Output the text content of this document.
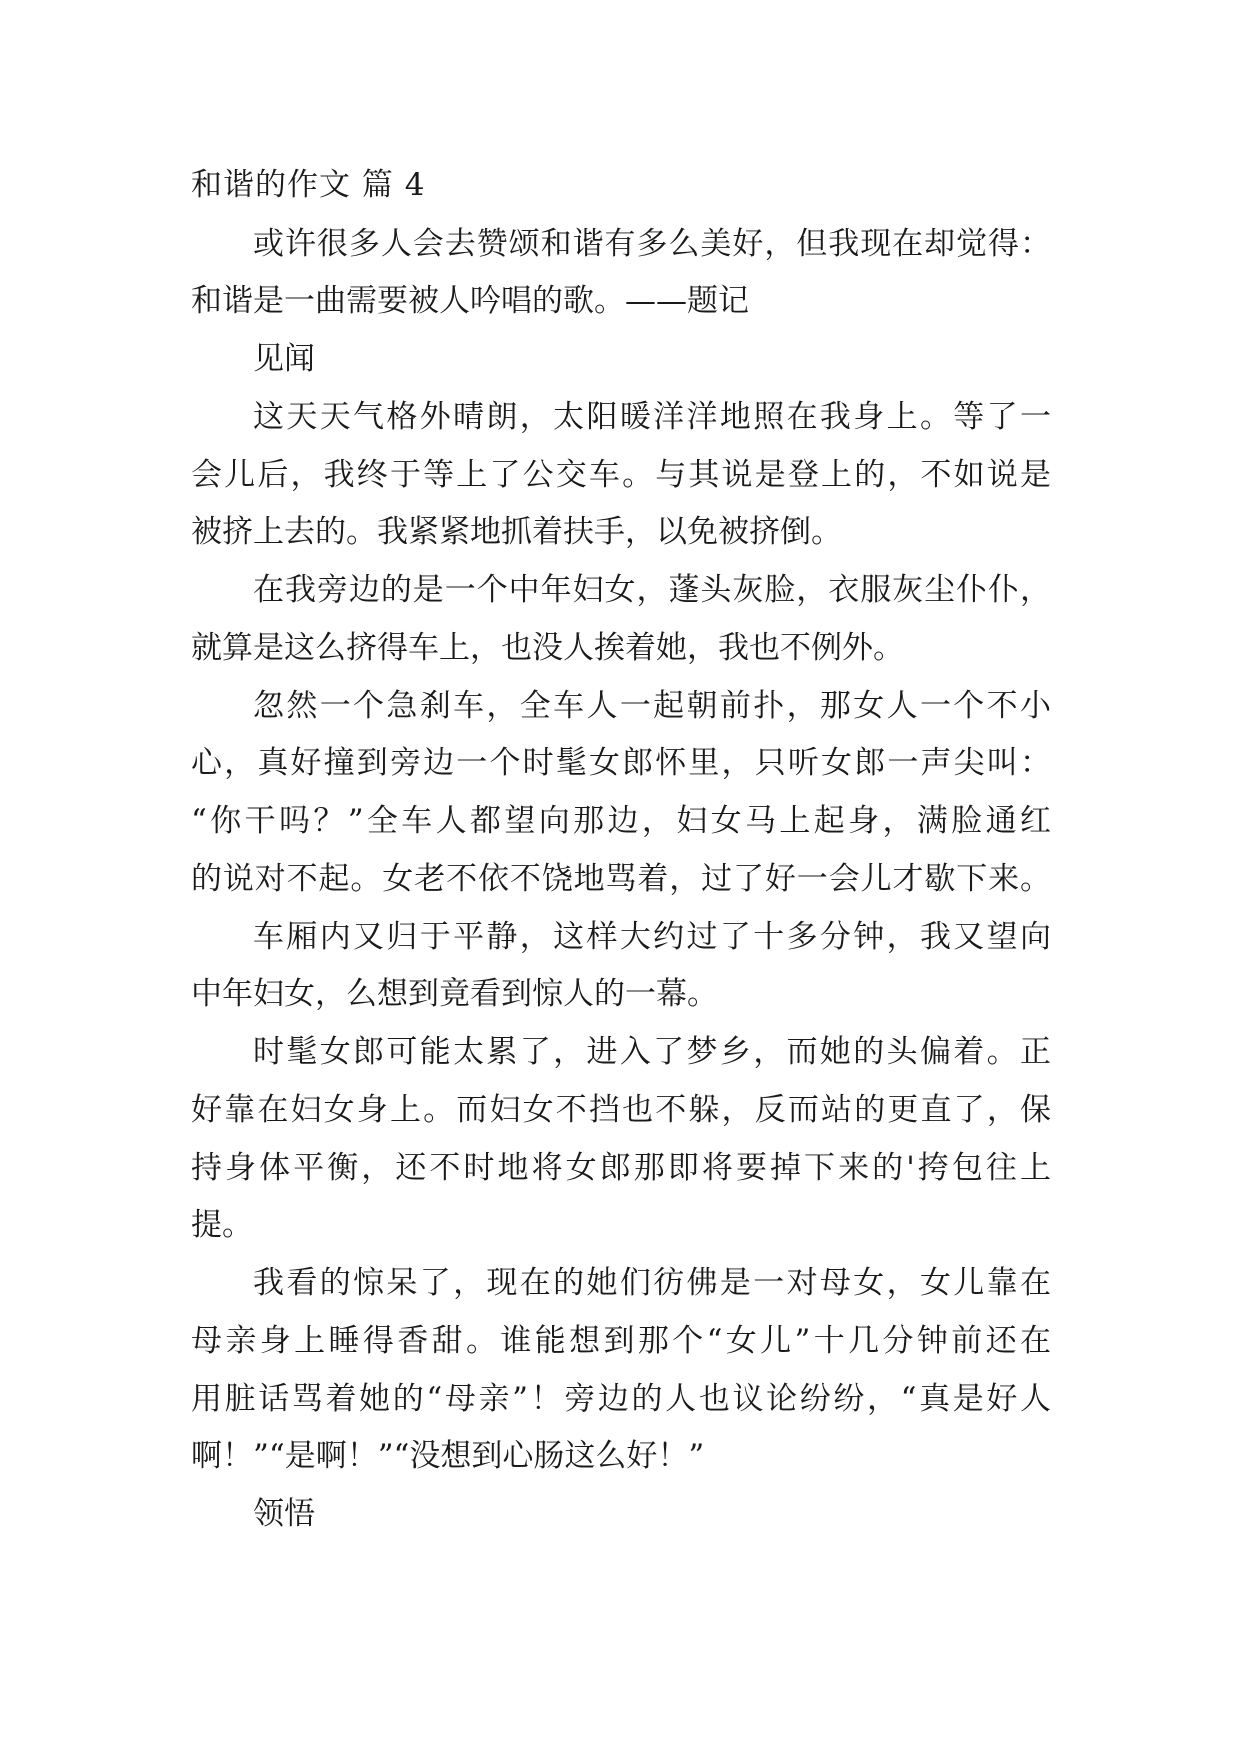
和谐的作文 篇 4

或许很多人会去赞颂和谐有多么美好，但我现在却觉得：

和谐是一曲需要被人吟唱的歌。——题记

见闻

这天天气格外晴朗，太阳暖洋洋地照在我身上。等了一

会儿后，我终于等上了公交车。与其说是登上的，不如说是

被挤上去的。我紧紧地抓着扶手，以免被挤倒。

在我旁边的是一个中年妇女，蓬头灰脸，衣服灰尘仆仆，

就算是这么挤得车上，也没人挨着她，我也不例外。

忽然一个急刹车，全车人一起朝前扑，那女人一个不小

心，真好撞到旁边一个时髦女郎怀里，只听女郎一声尖叫：

“你干吗？”全车人都望向那边，妇女马上起身，满脸通红

的说对不起。女老不依不饶地骂着，过了好一会儿才歇下来。

车厢内又归于平静，这样大约过了十多分钟，我又望向

中年妇女，么想到竟看到惊人的一幕。

时髦女郎可能太累了，进入了梦乡，而她的头偏着。正

好靠在妇女身上。而妇女不挡也不躲，反而站的更直了，保

持身体平衡，还不时地将女郎那即将要掉下来的'挎包往上

提。

我看的惊呆了，现在的她们彷佛是一对母女，女儿靠在

母亲身上睡得香甜。谁能想到那个“女儿”十几分钟前还在

用脏话骂着她的“母亲”！旁边的人也议论纷纷，“真是好人

啊！”“是啊！”“没想到心肠这么好！”

领悟
